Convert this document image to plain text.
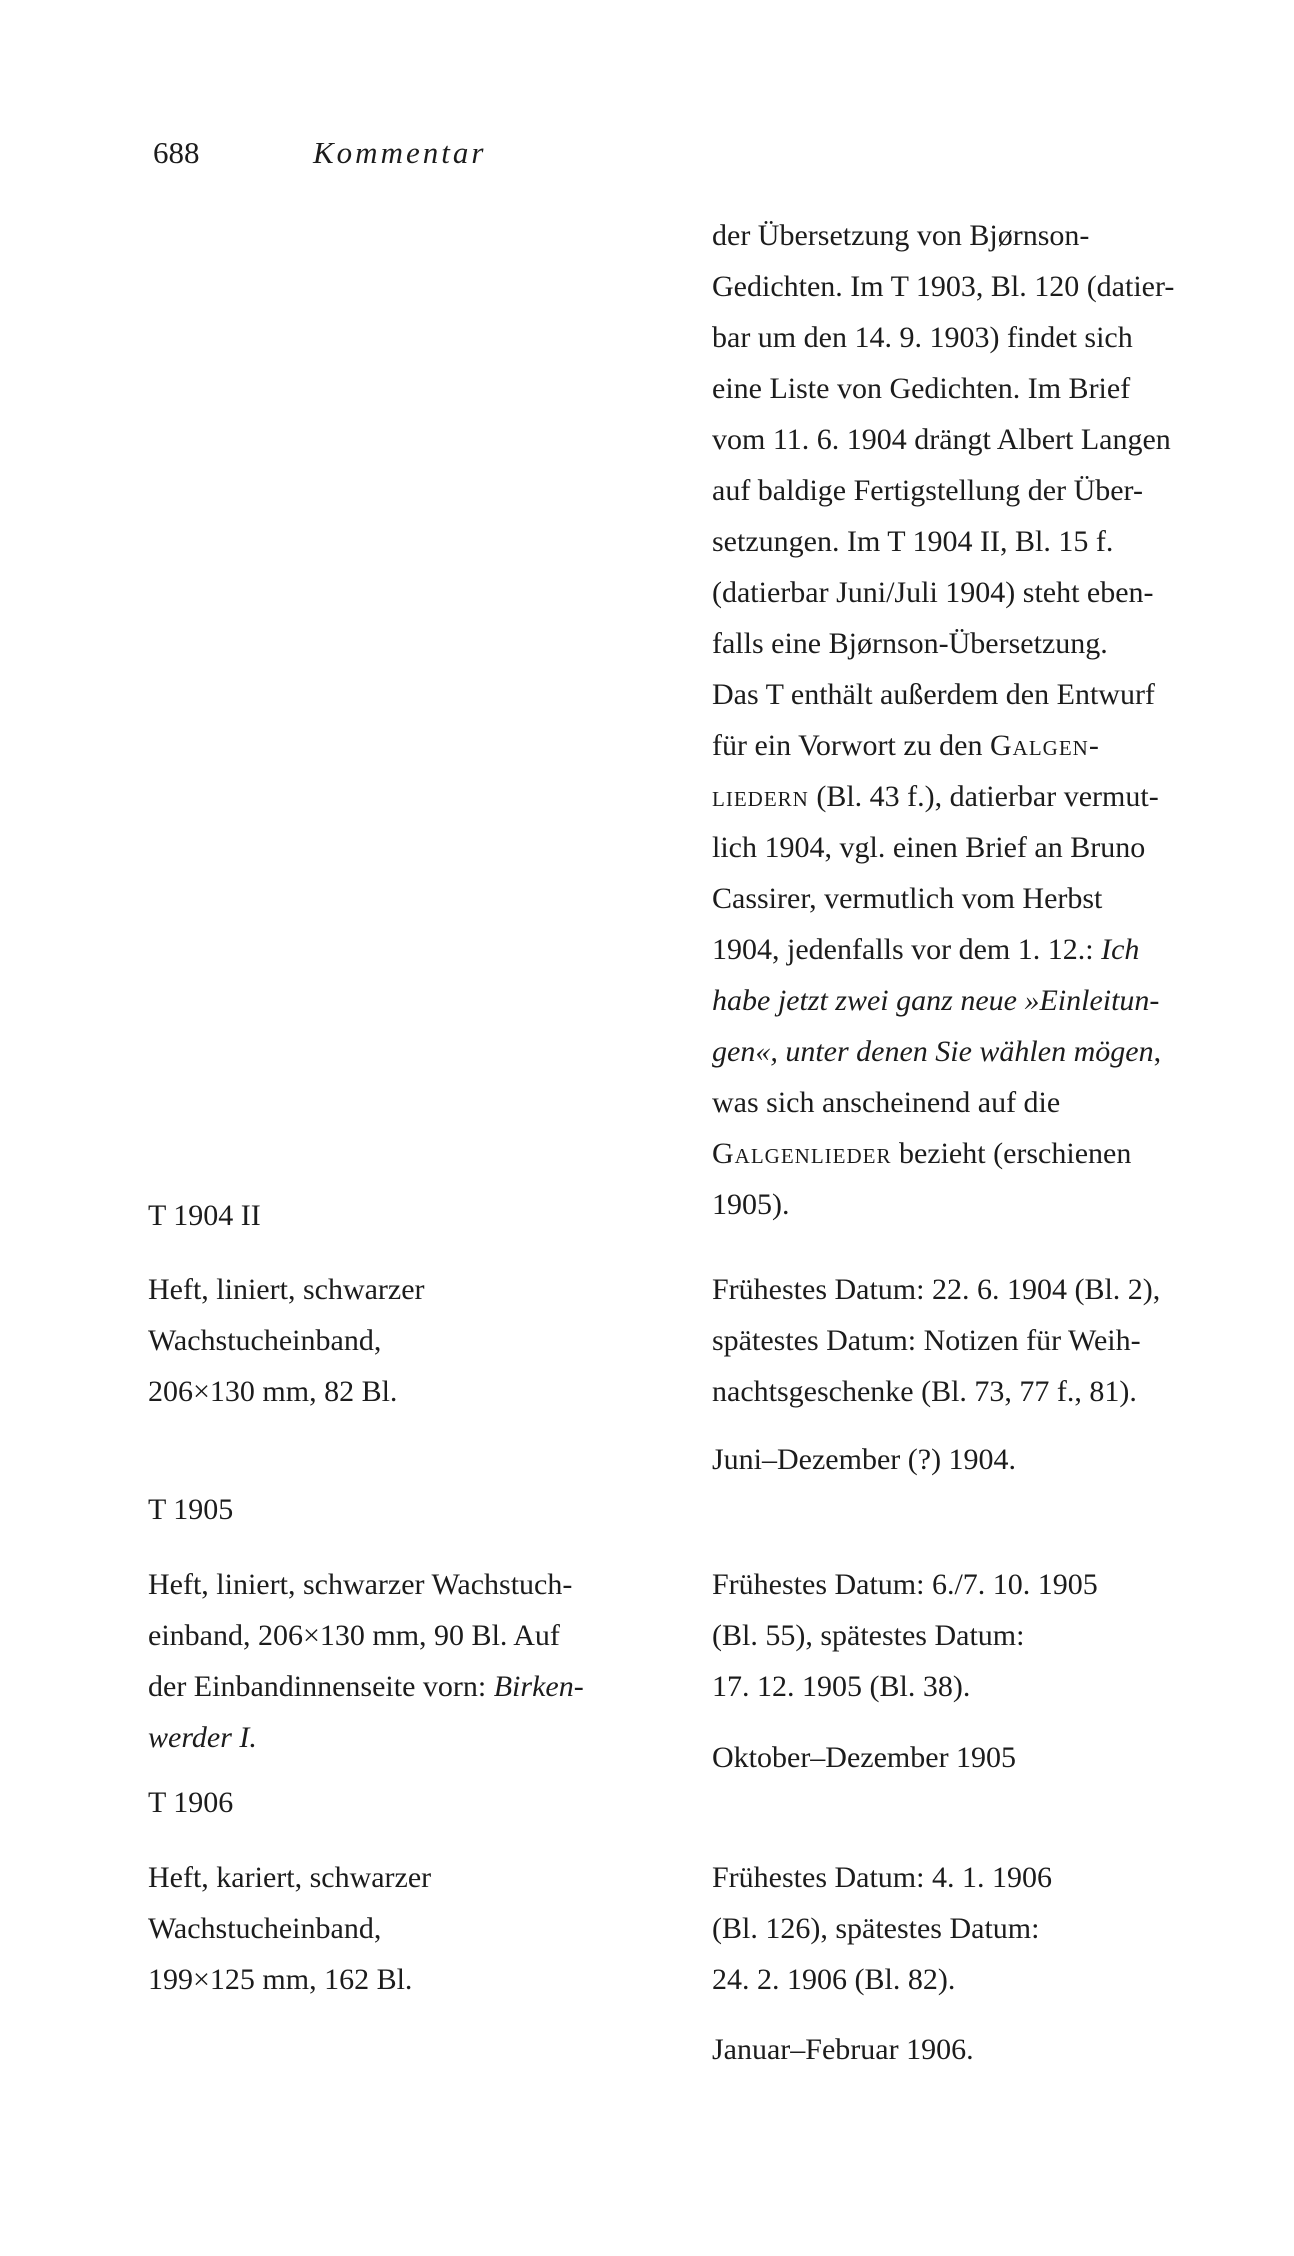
688	Kommentar
der Übersetzung von Bjørnson-
Gedichten. Im T 1903, Bl. 120 (datier-
bar um den 14. 9. 1903) findet sich
eine Liste von Gedichten. Im Brief
vom 11. 6. 1904 drängt Albert Langen
auf baldige Fertigstellung der Über-
setzungen. Im T 1904 II, Bl. 15 f.
(datierbar Juni/Juli 1904) steht eben-
falls eine Bjørnson-Übersetzung.
Das T enthält außerdem den Entwurf
für ein Vorwort zu den Galgen-
liedern (Bl. 43 f.), datierbar vermut-
lich 1904, vgl. einen Brief an Bruno
Cassirer, vermutlich vom Herbst
1904, jedenfalls vor dem 1. 12.: Ich
habe jetzt zwei ganz neue »Einleitun-
gen«, unter denen Sie wählen mögen,
was sich anscheinend auf die
Galgenlieder bezieht (erschienen
1905).
T 1904 II
Heft, liniert, schwarzer
Wachstucheinband,
206×130 mm, 82 Bl.
Frühestes Datum: 22. 6. 1904 (Bl. 2),
spätestes Datum: Notizen für Weih-
nachtsgeschenke (Bl. 73, 77 f., 81).
Juni–Dezember (?) 1904.
T 1905
Heft, liniert, schwarzer Wachstuch-
einband, 206×130 mm, 90 Bl. Auf
der Einbandinnenseite vorn: Birken-
werder I.
Frühestes Datum: 6./7. 10. 1905
(Bl. 55), spätestes Datum:
17. 12. 1905 (Bl. 38).
Oktober–Dezember 1905
T 1906
Heft, kariert, schwarzer
Wachstucheinband,
199×125 mm, 162 Bl.
Frühestes Datum: 4. 1. 1906
(Bl. 126), spätestes Datum:
24. 2. 1906 (Bl. 82).
Januar–Februar 1906.
